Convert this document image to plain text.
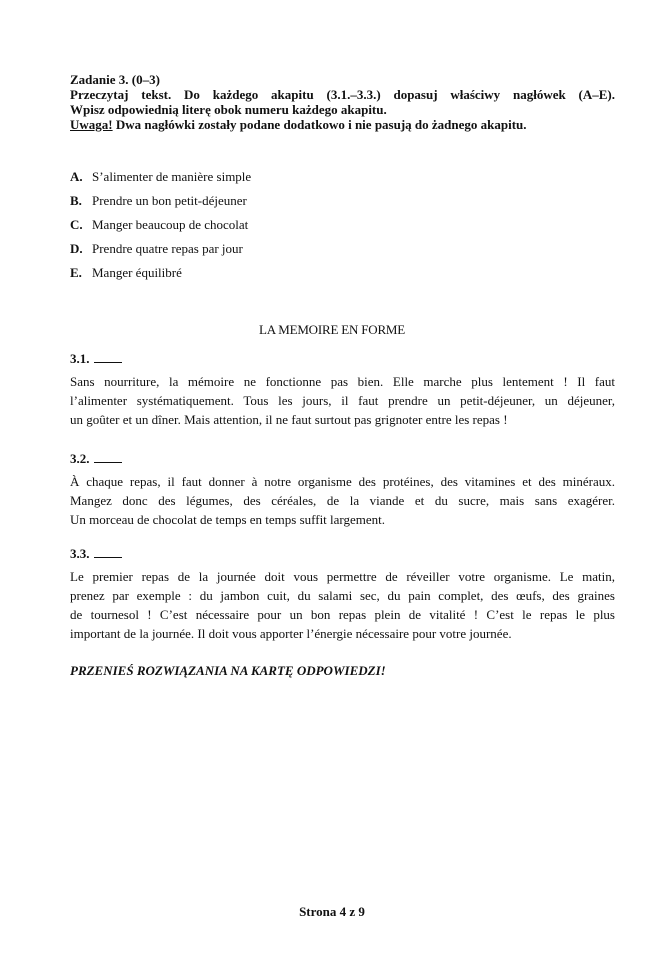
Zadanie 3. (0–3)
Przeczytaj tekst. Do każdego akapitu (3.1.–3.3.) dopasuj właściwy nagłówek (A–E).
Wpisz odpowiednią literę obok numeru każdego akapitu.
Uwaga! Dwa nagłówki zostały podane dodatkowo i nie pasują do żadnego akapitu.
A. S’alimenter de manière simple
B. Prendre un bon petit-déjeuner
C. Manger beaucoup de chocolat
D. Prendre quatre repas par jour
E. Manger équilibré
LA MEMOIRE EN FORME
3.1.
Sans nourriture, la mémoire ne fonctionne pas bien. Elle marche plus lentement ! Il faut
l’alimenter systématiquement. Tous les jours, il faut prendre un petit-déjeuner, un déjeuner,
un goûter et un dîner. Mais attention, il ne faut surtout pas grignoter entre les repas !
3.2.
À chaque repas, il faut donner à notre organisme des protéines, des vitamines et des minéraux.
Mangez donc des légumes, des céréales, de la viande et du sucre, mais sans exagérer.
Un morceau de chocolat de temps en temps suffit largement.
3.3.
Le premier repas de la journée doit vous permettre de réveiller votre organisme. Le matin,
prenez par exemple : du jambon cuit, du salami sec, du pain complet, des œufs, des graines
de tournesol ! C’est nécessaire pour un bon repas plein de vitalité ! C’est le repas le plus
important de la journée. Il doit vous apporter l’énergie nécessaire pour votre journée.
PRZENIEŚ ROZWIĄZANIA NA KARTĘ ODPOWIEDZI!
Strona 4 z 9
